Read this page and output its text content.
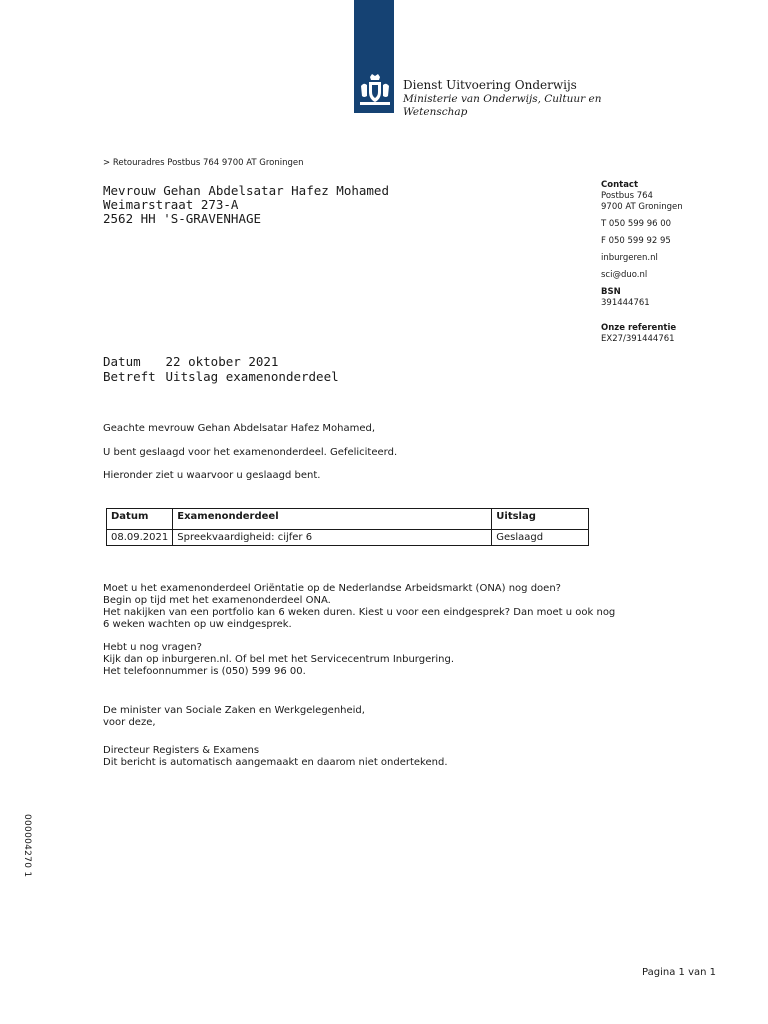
Dienst Uitvoering Onderwijs
Ministerie van Onderwijs, Cultuur en
Wetenschap
> Retouradres Postbus 764 9700 AT Groningen
Mevrouw Gehan Abdelsatar Hafez Mohamed
Weimarstraat 273-A
2562 HH 'S-GRAVENHAGE
Contact
Postbus 764
9700 AT Groningen
T 050 599 96 00
F 050 599 92 95
inburgeren.nl
sci@duo.nl
BSN
391444761
Onze referentie
EX27/391444761
Datum 22 oktober 2021
Betreft Uitslag examenonderdeel
Geachte mevrouw Gehan Abdelsatar Hafez Mohamed,
U bent geslaagd voor het examenonderdeel. Gefeliciteerd.
Hieronder ziet u waarvoor u geslaagd bent.
Datum	Examenonderdeel	Uitslag
08.09.2021	Spreekvaardigheid: cijfer 6	Geslaagd

Moet u het examenonderdeel Oriëntatie op de Nederlandse Arbeidsmarkt (ONA) nog doen?

Begin op tijd met het examenonderdeel ONA.

Het nakijken van een portfolio kan 6 weken duren. Kiest u voor een eindgesprek? Dan moet u ook nog

6 weken wachten op uw eindgesprek.

Hebt u nog vragen?

Kijk dan op inburgeren.nl. Of bel met het Servicecentrum Inburgering.

Het telefoonnummer is (050) 599 96 00.

De minister van Sociale Zaken en Werkgelegenheid,

voor deze,

Directeur Registers & Examens

Dit bericht is automatisch aangemaakt en daarom niet ondertekend.

000004270 1
Pagina 1 van 1
